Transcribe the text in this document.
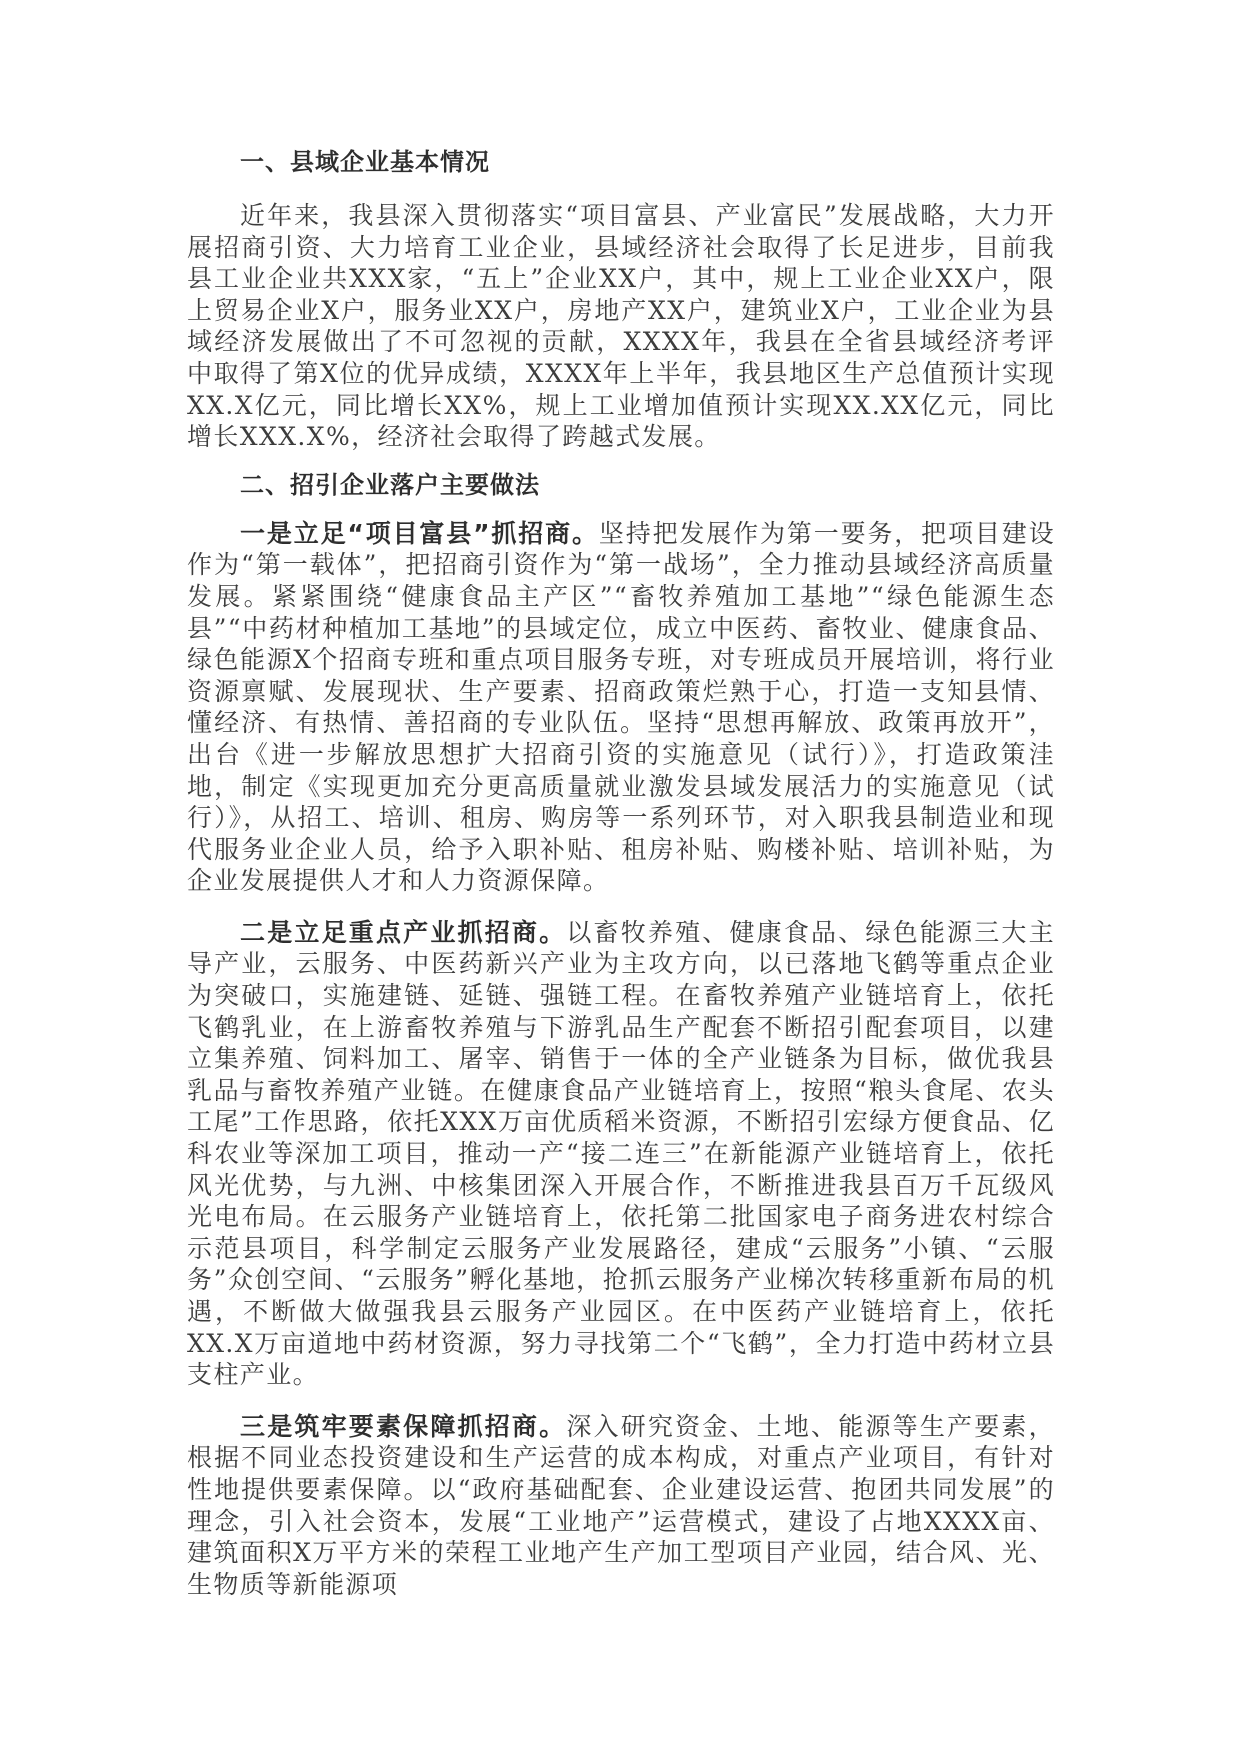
一、县域企业基本情况

近年来，我县深入贯彻落实“项目富县、产业富民”发展战略，大力开展招商引资、大力培育工业企业，县域经济社会取得了长足进步，目前我县工业企业共XXX家，“五上”企业XX户，其中，规上工业企业XX户，限上贸易企业X户，服务业XX户，房地产XX户，建筑业X户，工业企业为县域经济发展做出了不可忽视的贡献，XXXX年，我县在全省县域经济考评中取得了第X位的优异成绩，XXXX年上半年，我县地区生产总值预计实现XX.X亿元，同比增长XX%，规上工业增加值预计实现XX.XX亿元，同比增长XXX.X%，经济社会取得了跨越式发展。

二、招引企业落户主要做法

一是立足“项目富县”抓招商。坚持把发展作为第一要务，把项目建设作为“第一载体”，把招商引资作为“第一战场”，全力推动县域经济高质量发展。紧紧围绕“健康食品主产区”“畜牧养殖加工基地”“绿色能源生态县”“中药材种植加工基地”的县域定位，成立中医药、畜牧业、健康食品、绿色能源X个招商专班和重点项目服务专班，对专班成员开展培训，将行业资源禀赋、发展现状、生产要素、招商政策烂熟于心，打造一支知县情、懂经济、有热情、善招商的专业队伍。坚持“思想再解放、政策再放开”，出台《进一步解放思想扩大招商引资的实施意见（试行）》，打造政策洼地，制定《实现更加充分更高质量就业激发县域发展活力的实施意见（试行）》，从招工、培训、租房、购房等一系列环节，对入职我县制造业和现代服务业企业人员，给予入职补贴、租房补贴、购楼补贴、培训补贴，为企业发展提供人才和人力资源保障。

二是立足重点产业抓招商。以畜牧养殖、健康食品、绿色能源三大主导产业，云服务、中医药新兴产业为主攻方向，以已落地飞鹤等重点企业为突破口，实施建链、延链、强链工程。在畜牧养殖产业链培育上，依托飞鹤乳业，在上游畜牧养殖与下游乳品生产配套不断招引配套项目，以建立集养殖、饲料加工、屠宰、销售于一体的全产业链条为目标，做优我县乳品与畜牧养殖产业链。在健康食品产业链培育上，按照“粮头食尾、农头工尾”工作思路，依托XXX万亩优质稻米资源，不断招引宏绿方便食品、亿科农业等深加工项目，推动一产“接二连三”在新能源产业链培育上，依托风光优势，与九洲、中核集团深入开展合作，不断推进我县百万千瓦级风光电布局。在云服务产业链培育上，依托第二批国家电子商务进农村综合示范县项目，科学制定云服务产业发展路径，建成“云服务”小镇、“云服务”众创空间、“云服务”孵化基地，抢抓云服务产业梯次转移重新布局的机遇，不断做大做强我县云服务产业园区。在中医药产业链培育上，依托XX.X万亩道地中药材资源，努力寻找第二个“飞鹤”，全力打造中药材立县支柱产业。

三是筑牢要素保障抓招商。深入研究资金、土地、能源等生产要素，根据不同业态投资建设和生产运营的成本构成，对重点产业项目，有针对性地提供要素保障。以“政府基础配套、企业建设运营、抱团共同发展”的理念，引入社会资本，发展“工业地产”运营模式，建设了占地XXXX亩、建筑面积X万平方米的荣程工业地产生产加工型项目产业园，结合风、光、生物质等新能源项
